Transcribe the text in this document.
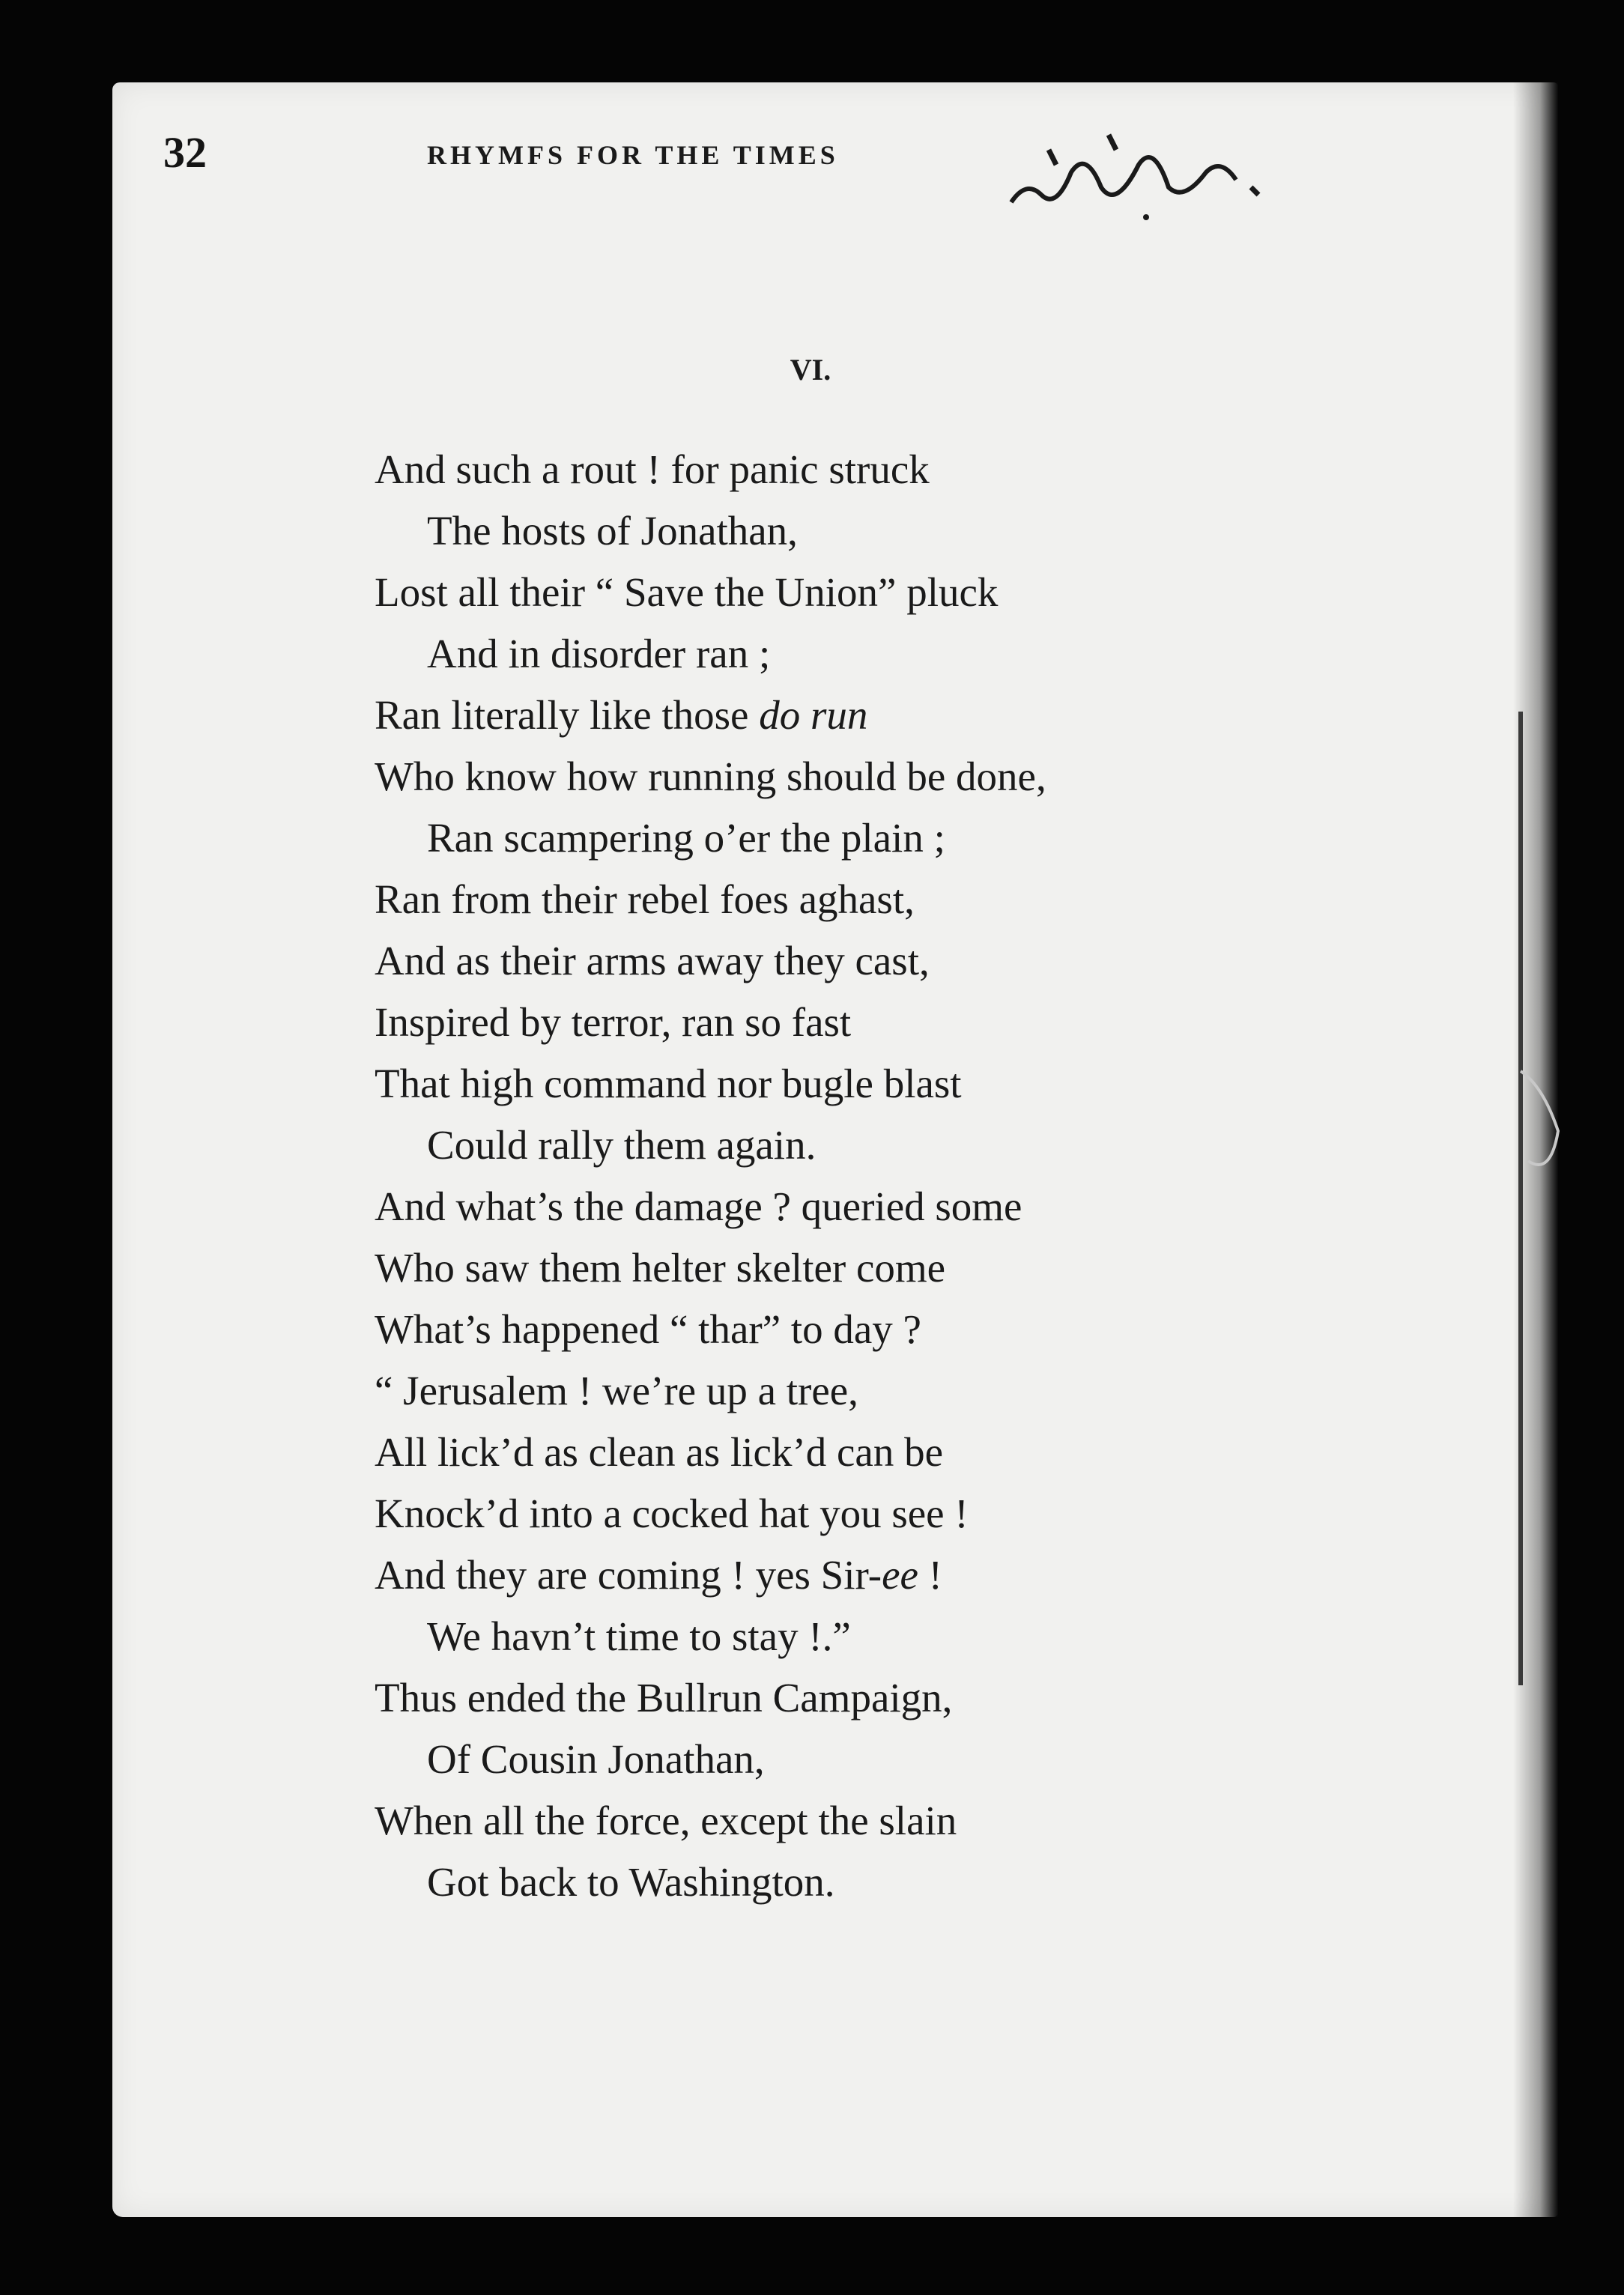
32	RHYMFS FOR THE TIMES
VI.
And such a rout ! for panic struck
The hosts of Jonathan,
Lost all their “ Save the Union” pluck
And in disorder ran ;
Ran literally like those do run
Who know how running should be done,
Ran scampering o’er the plain ;
Ran from their rebel foes aghast,
And as their arms away they cast,
Inspired by terror, ran so fast
That high command nor bugle blast
Could rally them again.
And what’s the damage ? queried some
Who saw them helter skelter come
What’s happened “ thar” to day ?
“ Jerusalem ! we’re up a tree,
All lick’d as clean as lick’d can be
Knock’d into a cocked hat you see !
And they are coming ! yes Sir-ee !
We havn’t time to stay !.”
Thus ended the Bullrun Campaign,
Of Cousin Jonathan,
When all the force, except the slain
Got back to Washington.
